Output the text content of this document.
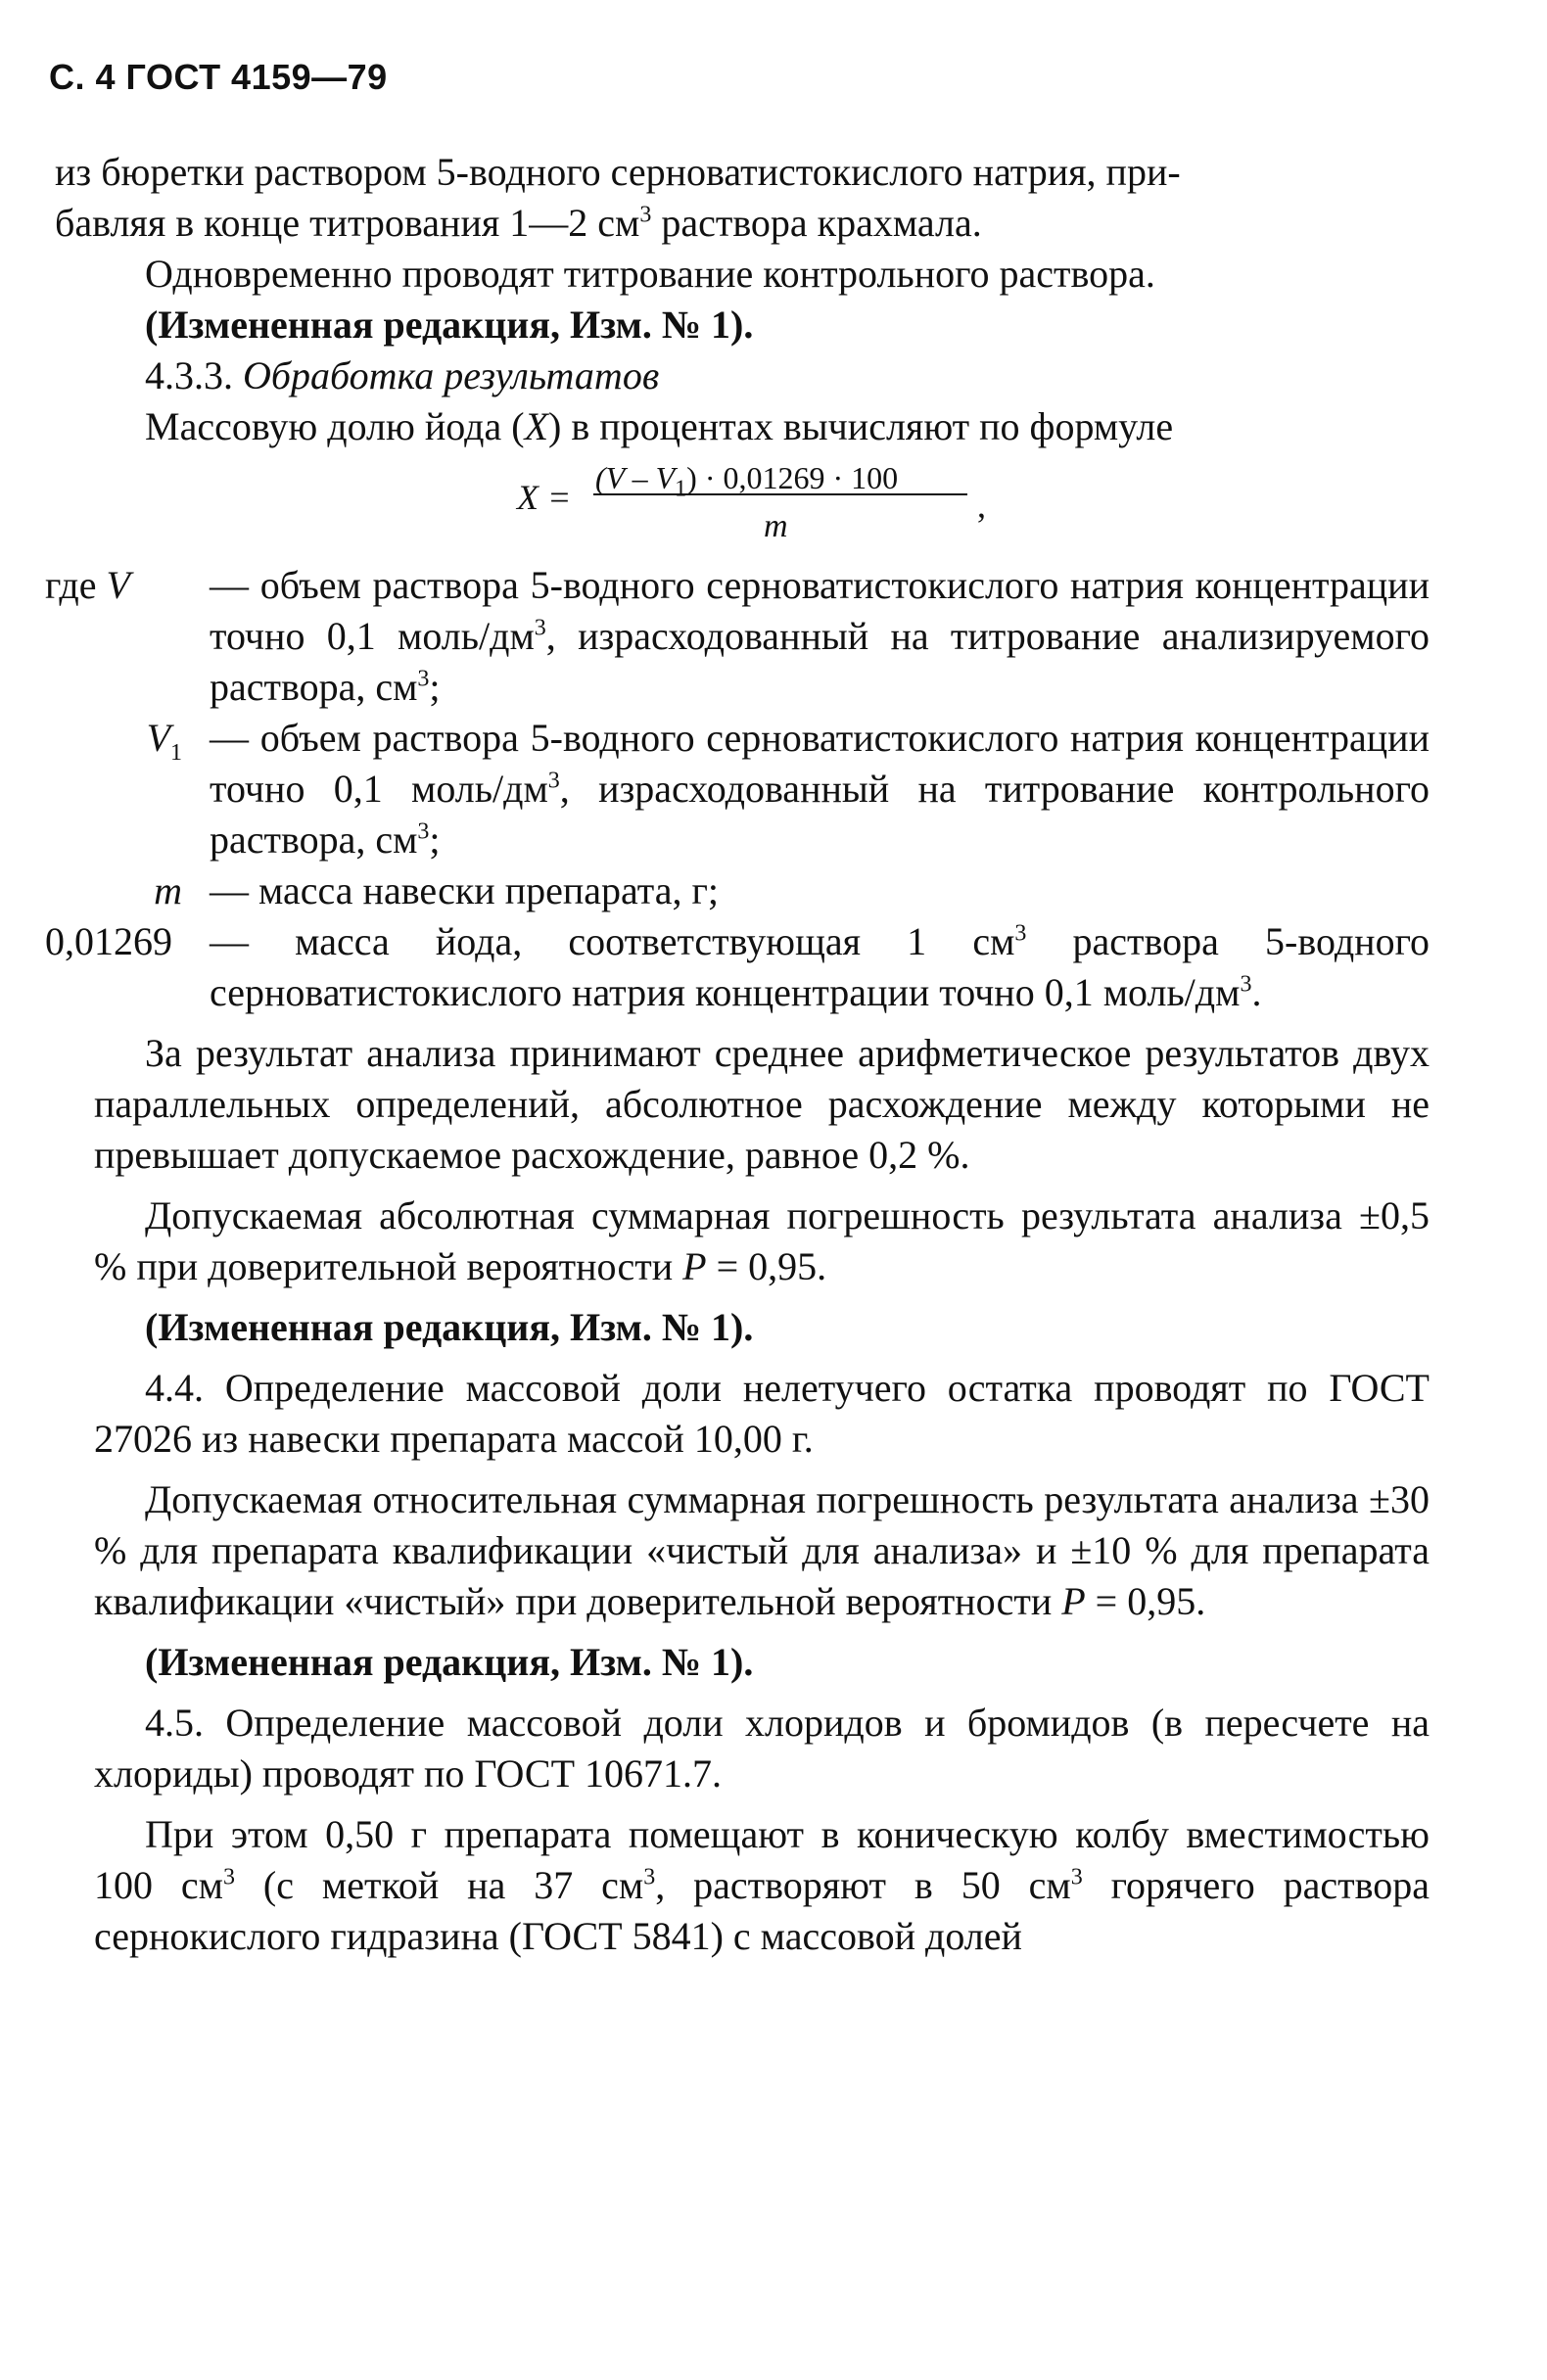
С. 4 ГОСТ 4159—79

из бюретки раствором 5-водного серноватистокислого натрия, при-
бавляя в конце титрования 1—2 $см^3$ раствора крахмала.

Одновременно проводят титрование контрольного раствора.

(Измененная редакция, Изм. № 1).

4.3.3. Обработка результатов

Массовую долю йода (X) в процентах вычисляют по формуле

$X = (V - V_1) \cdot 0,01269 \cdot 100$
m
,
где V	— объем раствора 5-водного серноватистокислого натрия концентрации точно 0,1 моль/$дм^3$, израсходованный на титрование анализируемого раствора, $см^3$;
$V_1$ — объем раствора 5-водного серноватистокислого натрия концентрации точно 0,1 моль/$дм^3$, израсходованный на титрование контрольного раствора, $см^3$;
m — масса навески препарата, г;
0,01269 — масса йода, соответствующая 1 $см^3$ раствора 5-водного серноватистокислого натрия концентрации точно 0,1 моль/$дм^3$.

За результат анализа принимают среднее арифметическое результатов двух параллельных определений, абсолютное расхождение между которыми не превышает допускаемое расхождение, равное 0,2 %.

Допускаемая абсолютная суммарная погрешность результата анализа ±0,5 % при доверительной вероятности P = 0,95.

(Измененная редакция, Изм. № 1).

4.4. Определение массовой доли нелетучего остатка проводят по ГОСТ 27026 из навески препарата массой 10,00 г.

Допускаемая относительная суммарная погрешность результата анализа ±30 % для препарата квалификации «чистый для анализа» и ±10 % для препарата квалификации «чистый» при доверительной вероятности P = 0,95.

(Измененная редакция, Изм. № 1).

4.5. Определение массовой доли хлоридов и бромидов (в пересчете на хлориды) проводят по ГОСТ 10671.7.

При этом 0,50 г препарата помещают в коническую колбу вместимостью 100 $см^3$ (с меткой на 37 $см^3$, растворяют в 50 $см^3$ горячего раствора сернокислого гидразина (ГОСТ 5841) с массовой долей
